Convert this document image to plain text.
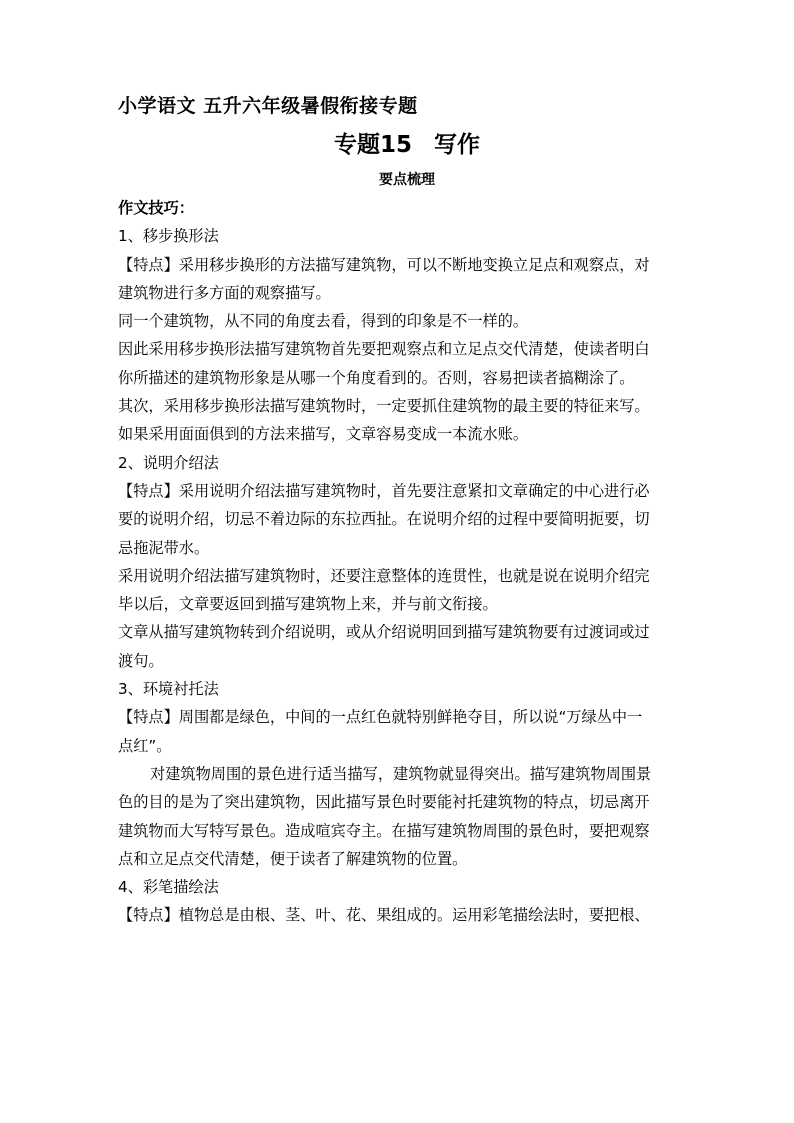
小学语文 五升六年级暑假衔接专题

专题15 写作

要点梳理

作文技巧：

1、移步换形法

【特点】采用移步换形的方法描写建筑物，可以不断地变换立足点和观察点，对

建筑物进行多方面的观察描写。

同一个建筑物，从不同的角度去看，得到的印象是不一样的。

因此采用移步换形法描写建筑物首先要把观察点和立足点交代清楚，使读者明白

你所描述的建筑物形象是从哪一个角度看到的。否则，容易把读者搞糊涂了。

其次，采用移步换形法描写建筑物时，一定要抓住建筑物的最主要的特征来写。

如果采用面面俱到的方法来描写，文章容易变成一本流水账。

2、说明介绍法

【特点】采用说明介绍法描写建筑物时，首先要注意紧扣文章确定的中心进行必

要的说明介绍，切忌不着边际的东拉西扯。在说明介绍的过程中要简明扼要，切

忌拖泥带水。

采用说明介绍法描写建筑物时，还要注意整体的连贯性，也就是说在说明介绍完

毕以后，文章要返回到描写建筑物上来，并与前文衔接。

文章从描写建筑物转到介绍说明，或从介绍说明回到描写建筑物要有过渡词或过

渡句。

3、环境衬托法

【特点】周围都是绿色，中间的一点红色就特别鲜艳夺目，所以说“万绿丛中一

点红”。

对建筑物周围的景色进行适当描写，建筑物就显得突出。描写建筑物周围景

色的目的是为了突出建筑物，因此描写景色时要能衬托建筑物的特点，切忌离开

建筑物而大写特写景色。造成喧宾夺主。在描写建筑物周围的景色时，要把观察

点和立足点交代清楚，便于读者了解建筑物的位置。

4、彩笔描绘法

【特点】植物总是由根、茎、叶、花、果组成的。运用彩笔描绘法时，要把根、
